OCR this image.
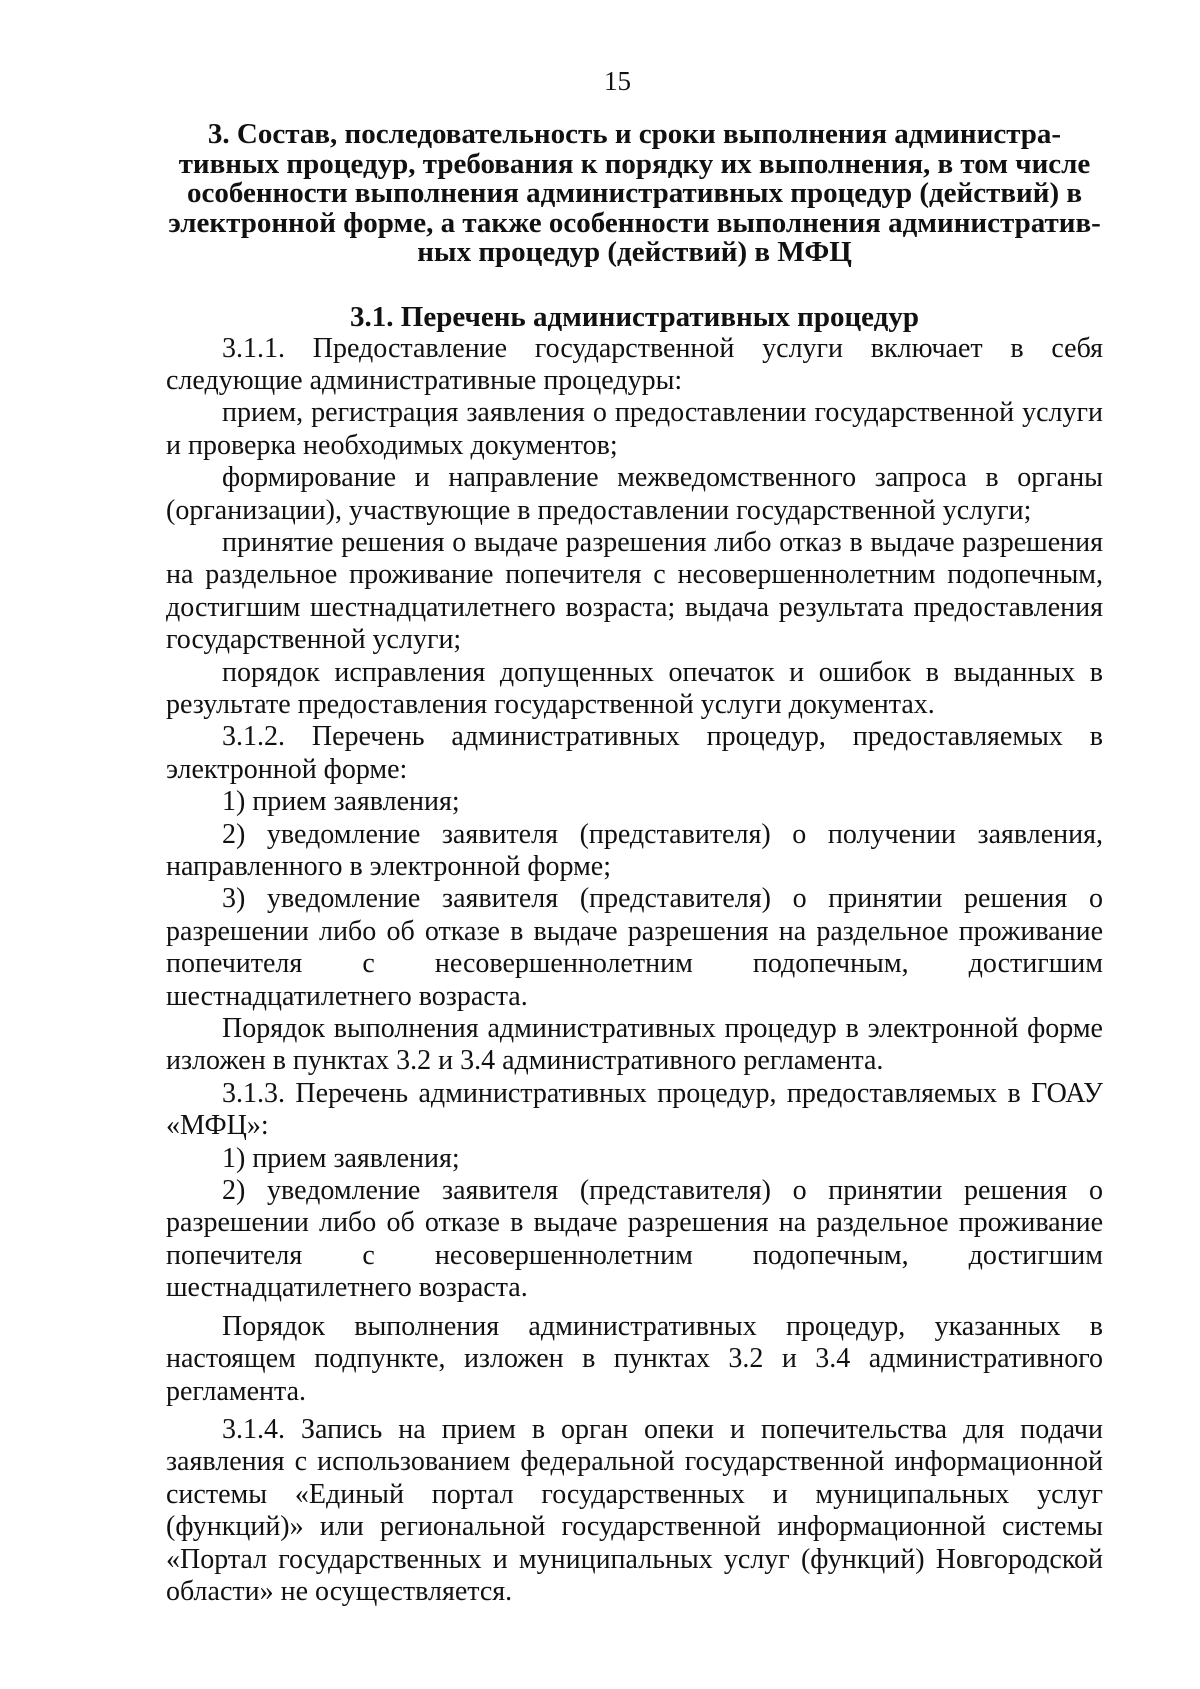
15
3. Состав, последовательность и сроки выполнения администра-
тивных процедур, требования к порядку их выполнения, в том числе
особенности выполнения административных процедур (действий) в
электронной форме, а также особенности выполнения административ-
ных процедур (действий) в МФЦ
3.1. Перечень административных процедур

3.1.1. Предоставление государственной услуги включает в себя следующие административные процедуры:

прием, регистрация заявления о предоставлении государственной услуги и проверка необходимых документов;

формирование и направление межведомственного запроса в органы (организации), участвующие в предоставлении государственной услуги;

принятие решения о выдаче разрешения либо отказ в выдаче разрешения на раздельное проживание попечителя с несовершеннолетним подопечным, достигшим шестнадцатилетнего возраста; выдача результата предоставления государственной услуги;

порядок исправления допущенных опечаток и ошибок в выданных в результате предоставления государственной услуги документах.

3.1.2. Перечень административных процедур, предоставляемых в электронной форме:

1) прием заявления;

2) уведомление заявителя (представителя) о получении заявления, направленного в электронной форме;

3) уведомление заявителя (представителя) о принятии решения о разрешении либо об отказе в выдаче разрешения на раздельное проживание попечителя с несовершеннолетним подопечным, достигшим шестнадцатилетнего возраста.

Порядок выполнения административных процедур в электронной форме изложен в пунктах 3.2 и 3.4 административного регламента.

3.1.3. Перечень административных процедур, предоставляемых в ГОАУ «МФЦ»:

1) прием заявления;

2) уведомление заявителя (представителя) о принятии решения о разрешении либо об отказе в выдаче разрешения на раздельное проживание попечителя с несовершеннолетним подопечным, достигшим шестнадцатилетнего возраста.

Порядок выполнения административных процедур, указанных в настоящем подпункте, изложен в пунктах 3.2 и 3.4 административного регламента.

3.1.4. Запись на прием в орган опеки и попечительства для подачи заявления с использованием федеральной государственной информационной системы «Единый портал государственных и муниципальных услуг (функций)» или региональной государственной информационной системы «Портал государственных и муниципальных услуг (функций) Новгородской области» не осуществляется.
